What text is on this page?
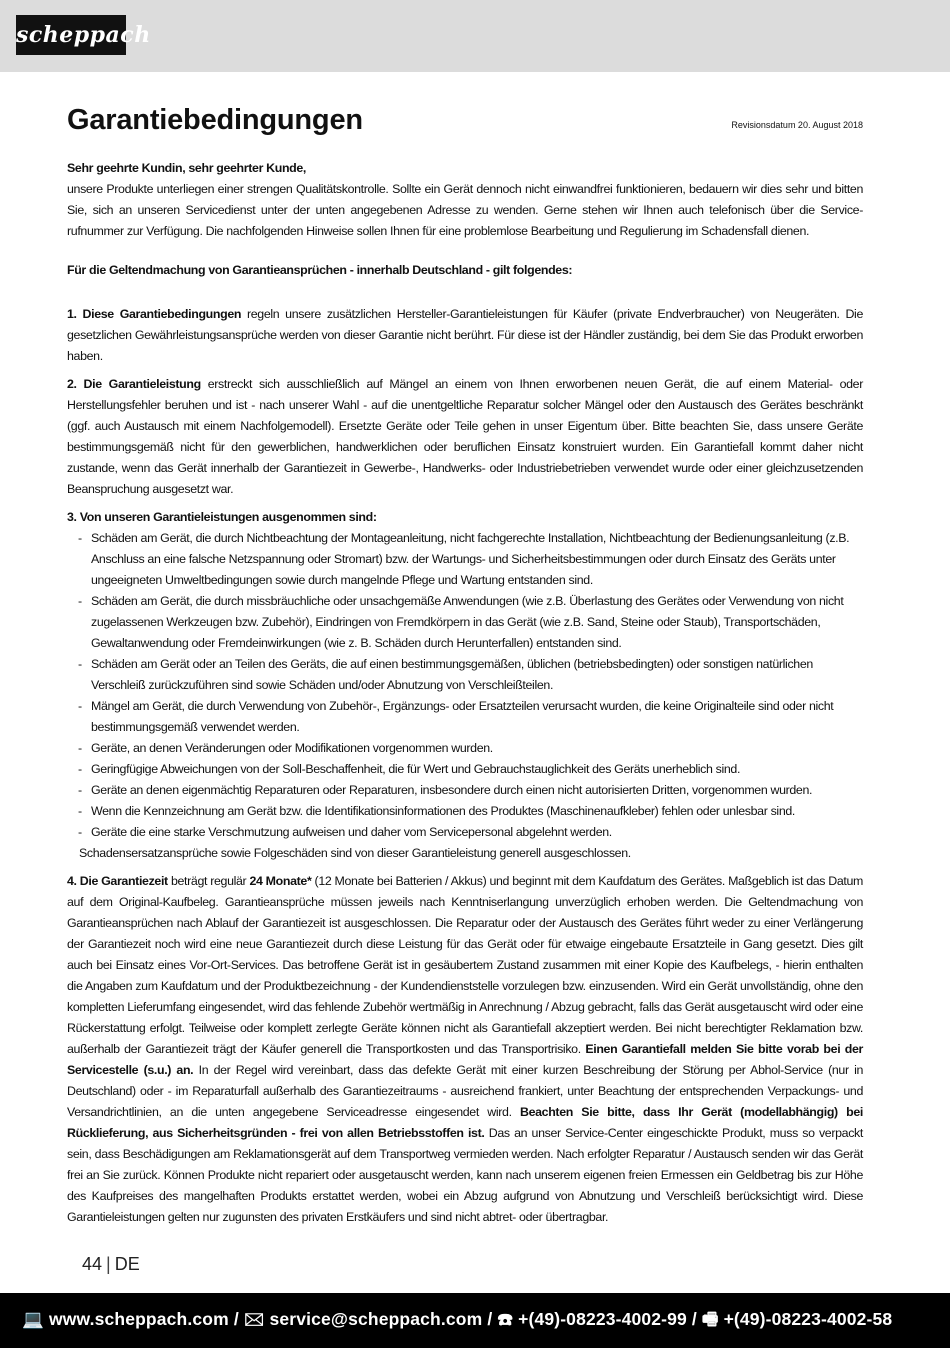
scheppach
Garantiebedingungen	Revisionsdatum 20. August 2018

Sehr geehrte Kundin, sehr geehrter Kunde,

unsere Produkte unterliegen einer strengen Qualitätskontrolle. Sollte ein Gerät dennoch nicht einwandfrei funktionieren, bedauern wir dies sehr und bitten Sie, sich an unseren Servicedienst unter der unten angegebenen Adresse zu wenden. Gerne stehen wir Ihnen auch telefonisch über die Service-rufnummer zur Verfügung. Die nachfolgenden Hinweise sollen Ihnen für eine problemlose Bearbeitung und Regulierung im Schadensfall dienen.

Für die Geltendmachung von Garantieansprüchen - innerhalb Deutschland - gilt folgendes:

1. Diese Garantiebedingungen regeln unsere zusätzlichen Hersteller-Garantieleistungen für Käufer (private Endverbraucher) von Neugeräten. Die gesetzlichen Gewährleistungsansprüche werden von dieser Garantie nicht berührt. Für diese ist der Händler zuständig, bei dem Sie das Produkt erworben haben.

2. Die Garantieleistung erstreckt sich ausschließlich auf Mängel an einem von Ihnen erworbenen neuen Gerät, die auf einem Material- oder Herstellungsfehler beruhen und ist - nach unserer Wahl - auf die unentgeltliche Reparatur solcher Mängel oder den Austausch des Gerätes beschränkt (ggf. auch Austausch mit einem Nachfolgemodell). Ersetzte Geräte oder Teile gehen in unser Eigentum über. Bitte beachten Sie, dass unsere Geräte bestimmungsgemäß nicht für den gewerblichen, handwerklichen oder beruflichen Einsatz konstruiert wurden. Ein Garantiefall kommt daher nicht zustande, wenn das Gerät innerhalb der Garantiezeit in Gewerbe-, Handwerks- oder Industriebetrieben verwendet wurde oder einer gleichzusetzenden Beanspruchung ausgesetzt war.

3. Von unseren Garantieleistungen ausgenommen sind:

- Schäden am Gerät, die durch Nichtbeachtung der Montageanleitung, nicht fachgerechte Installation, Nichtbeachtung der Bedienungsanleitung (z.B. Anschluss an eine falsche Netzspannung oder Stromart) bzw. der Wartungs- und Sicherheitsbestimmungen oder durch Einsatz des Geräts unter ungeeigneten Umweltbedingungen sowie durch mangelnde Pflege und Wartung entstanden sind.
- Schäden am Gerät, die durch missbräuchliche oder unsachgemäße Anwendungen (wie z.B. Überlastung des Gerätes oder Verwendung von nicht zugelassenen Werkzeugen bzw. Zubehör), Eindringen von Fremdkörpern in das Gerät (wie z.B. Sand, Steine oder Staub), Transportschäden, Gewaltanwendung oder Fremdeinwirkungen (wie z. B. Schäden durch Herunterfallen) entstanden sind.
- Schäden am Gerät oder an Teilen des Geräts, die auf einen bestimmungsgemäßen, üblichen (betriebsbedingten) oder sonstigen natürlichen Verschleiß zurückzuführen sind sowie Schäden und/oder Abnutzung von Verschleißteilen.
- Mängel am Gerät, die durch Verwendung von Zubehör-, Ergänzungs- oder Ersatzteilen verursacht wurden, die keine Originalteile sind oder nicht bestimmungsgemäß verwendet werden.
- Geräte, an denen Veränderungen oder Modifikationen vorgenommen wurden.
- Geringfügige Abweichungen von der Soll-Beschaffenheit, die für Wert und Gebrauchstauglichkeit des Geräts unerheblich sind.
- Geräte an denen eigenmächtig Reparaturen oder Reparaturen, insbesondere durch einen nicht autorisierten Dritten, vorgenommen wurden.
- Wenn die Kennzeichnung am Gerät bzw. die Identifikationsinformationen des Produktes (Maschinenaufkleber) fehlen oder unlesbar sind.
- Geräte die eine starke Verschmutzung aufweisen und daher vom Servicepersonal abgelehnt werden.

Schadensersatzansprüche sowie Folgeschäden sind von dieser Garantieleistung generell ausgeschlossen.

4. Die Garantiezeit beträgt regulär 24 Monate* (12 Monate bei Batterien / Akkus) und beginnt mit dem Kaufdatum des Gerätes. Maßgeblich ist das Datum auf dem Original-Kaufbeleg. Garantieansprüche müssen jeweils nach Kenntniserlangung unverzüglich erhoben werden. Die Geltendmachung von Garantieansprüchen nach Ablauf der Garantiezeit ist ausgeschlossen. Die Reparatur oder der Austausch des Gerätes führt weder zu einer Verlängerung der Garantiezeit noch wird eine neue Garantiezeit durch diese Leistung für das Gerät oder für etwaige eingebaute Ersatzteile in Gang gesetzt. Dies gilt auch bei Einsatz eines Vor-Ort-Services. Das betroffene Gerät ist in gesäubertem Zustand zusammen mit einer Kopie des Kaufbelegs, - hierin enthalten die Angaben zum Kaufdatum und der Produktbezeichnung - der Kundendienststelle vorzulegen bzw. einzusenden. Wird ein Gerät unvollständig, ohne den kompletten Lieferumfang eingesendet, wird das fehlende Zubehör wertmäßig in Anrechnung / Abzug gebracht, falls das Gerät ausgetauscht wird oder eine Rückerstattung erfolgt. Teilweise oder komplett zerlegte Geräte können nicht als Garantiefall akzeptiert werden. Bei nicht berechtigter Reklamation bzw. außerhalb der Garantiezeit trägt der Käufer generell die Transportkosten und das Transportrisiko. Einen Garantiefall melden Sie bitte vorab bei der Servicestelle (s.u.) an. In der Regel wird vereinbart, dass das defekte Gerät mit einer kurzen Beschreibung der Störung per Abhol-Service (nur in Deutschland) oder - im Reparaturfall außerhalb des Garantiezeitraums - ausreichend frankiert, unter Beachtung der entsprechenden Verpackungs- und Versandrichtlinien, an die unten angegebene Serviceadresse eingesendet wird. Beachten Sie bitte, dass Ihr Gerät (modellabhängig) bei Rücklieferung, aus Sicherheitsgründen - frei von allen Betriebsstoffen ist. Das an unser Service-Center eingeschickte Produkt, muss so verpackt sein, dass Beschädigungen am Reklamationsgerät auf dem Transportweg vermieden werden. Nach erfolgter Reparatur / Austausch senden wir das Gerät frei an Sie zurück. Können Produkte nicht repariert oder ausgetauscht werden, kann nach unserem eigenen freien Ermessen ein Geldbetrag bis zur Höhe des Kaufpreises des mangelhaften Produkts erstattet werden, wobei ein Abzug aufgrund von Abnutzung und Verschleiß berücksichtigt wird. Diese Garantieleistungen gelten nur zugunsten des privaten Erstkäufers und sind nicht abtret- oder übertragbar.

44 | DE
💻 www.scheppach.com / 🖂 service@scheppach.com / ☎ +(49)-08223-4002-99 / 🖷 +(49)-08223-4002-58
